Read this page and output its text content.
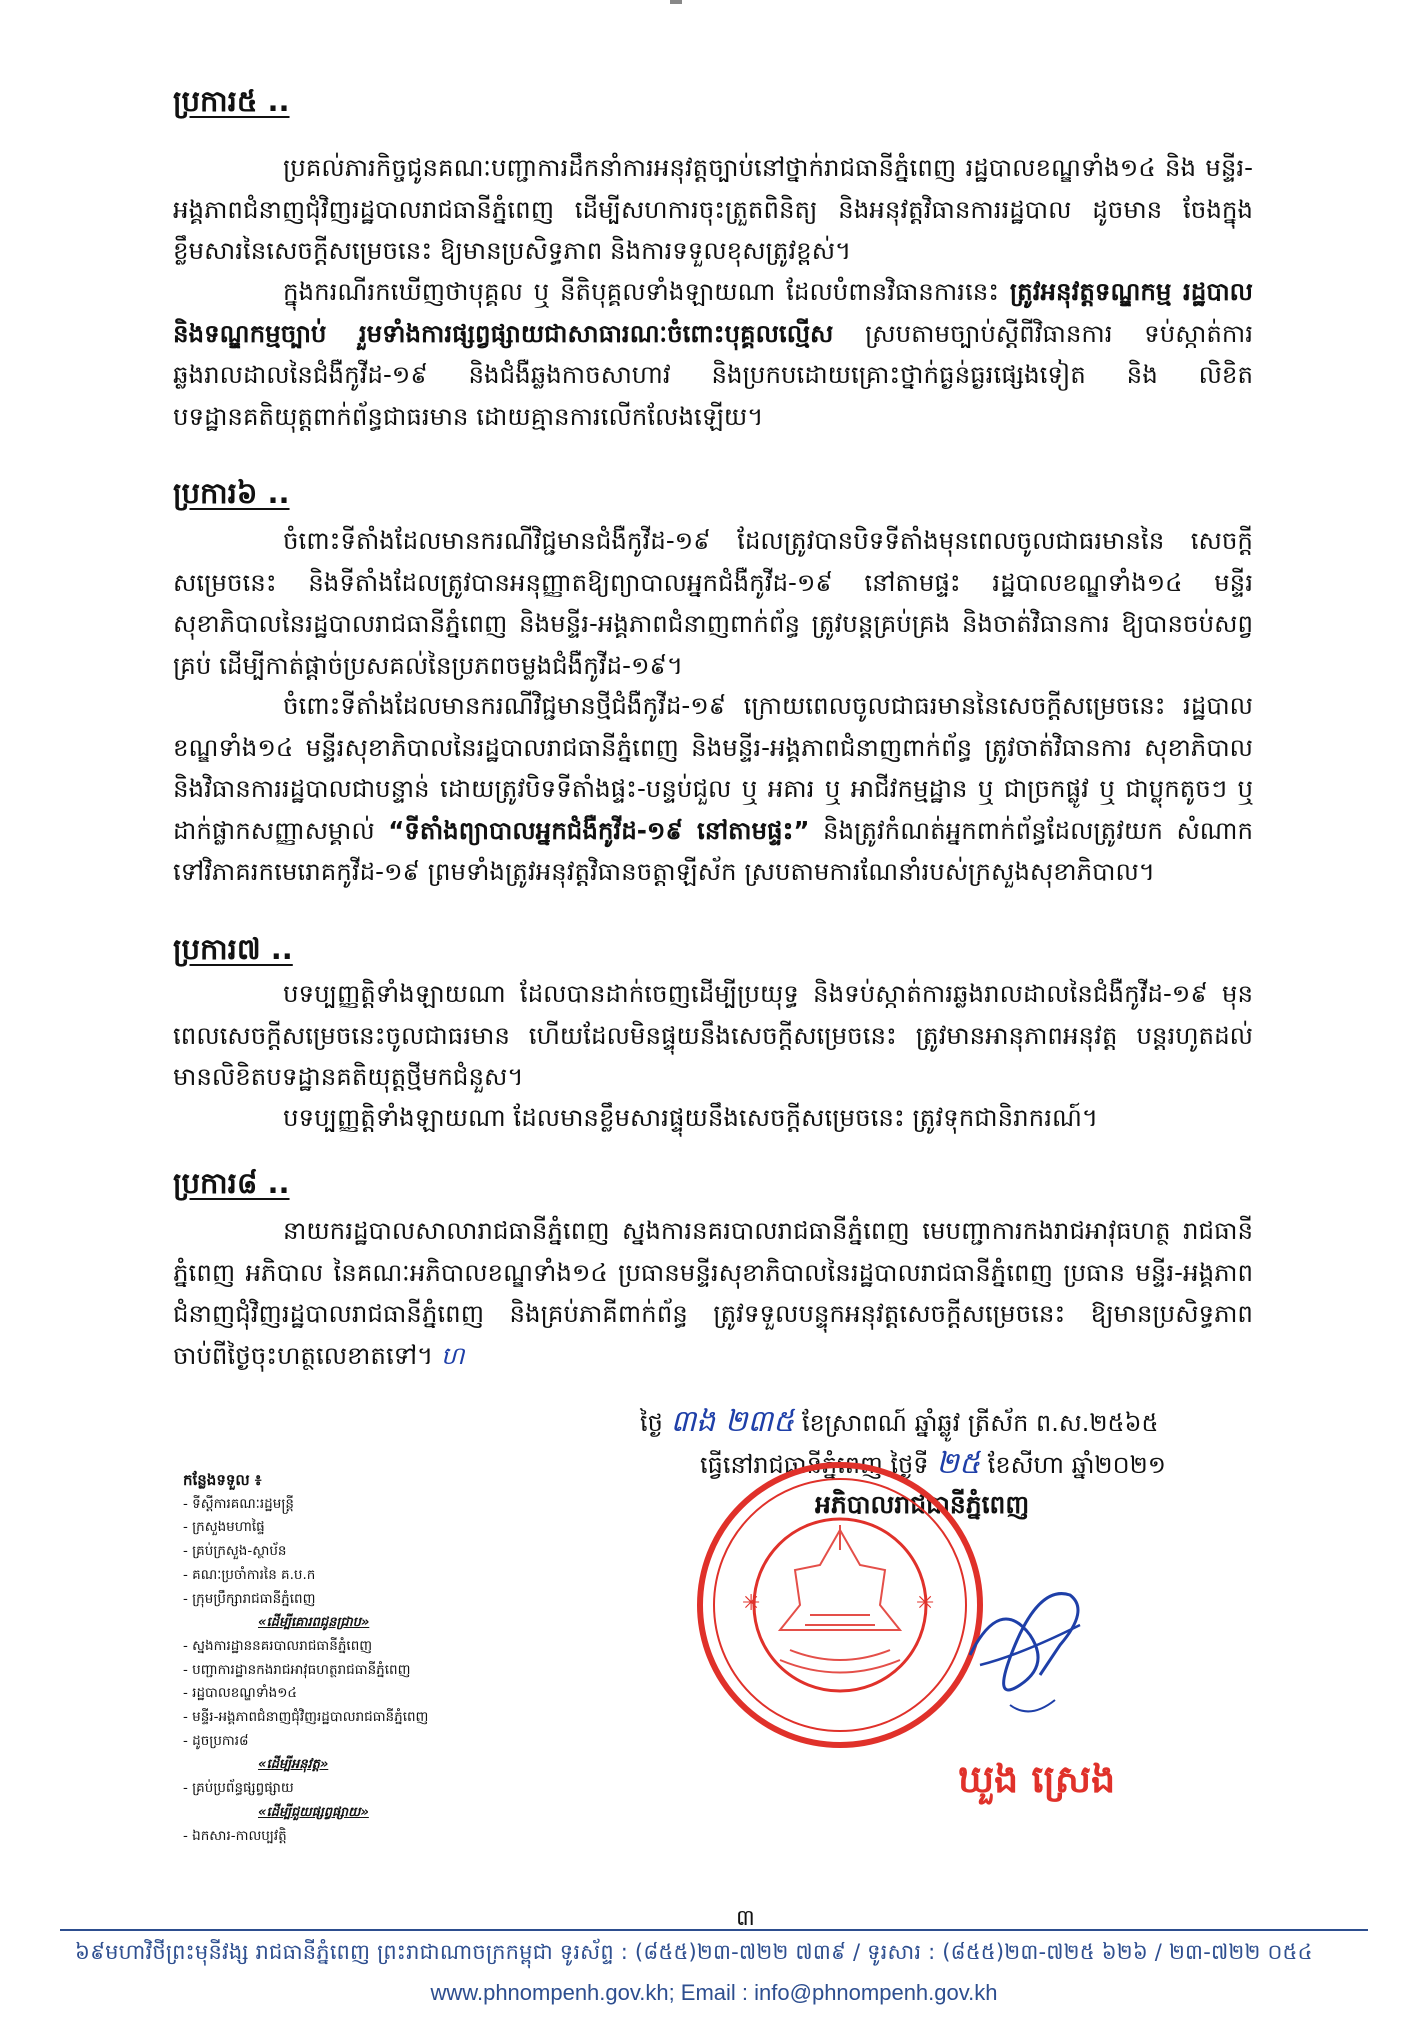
ប្រការ៥ ..

ប្រគល់ភារកិច្ចជូនគណៈបញ្ជាការដឹកនាំការអនុវត្តច្បាប់នៅថ្នាក់រាជធានីភ្នំពេញ រដ្ឋបាលខណ្ឌទាំង១៤ និង មន្ទីរ-អង្គភាពជំនាញជុំវិញរដ្ឋបាលរាជធានីភ្នំពេញ ដើម្បីសហការចុះត្រួតពិនិត្យ និងអនុវត្តវិធានការរដ្ឋបាល ដូចមាន ចែងក្នុងខ្លឹមសារនៃសេចក្តីសម្រេចនេះ ឱ្យមានប្រសិទ្ធភាព និងការទទួលខុសត្រូវខ្ពស់។

ក្នុងករណីរកឃើញថាបុគ្គល ឬ នីតិបុគ្គលទាំងឡាយណា ដែលបំពានវិធានការនេះ ត្រូវអនុវត្តទណ្ឌកម្ម រដ្ឋបាល និងទណ្ឌកម្មច្បាប់ រួមទាំងការផ្សព្វផ្សាយជាសាធារណៈចំពោះបុគ្គលល្មើស ស្របតាមច្បាប់ស្តីពីវិធានការ ទប់ស្កាត់ការឆ្លងរាលដាលនៃជំងឺកូវីដ-១៩ និងជំងឺឆ្លងកាចសាហាវ និងប្រកបដោយគ្រោះថ្នាក់ធ្ងន់ធ្ងរផ្សេងទៀត និង លិខិតបទដ្ឋានគតិយុត្តពាក់ព័ន្ធជាធរមាន ដោយគ្មានការលើកលែងឡើយ។

ប្រការ៦ ..

ចំពោះទីតាំងដែលមានករណីវិជ្ជមានជំងឺកូវីដ-១៩ ដែលត្រូវបានបិទទីតាំងមុនពេលចូលជាធរមាននៃ សេចក្តីសម្រេចនេះ និងទីតាំងដែលត្រូវបានអនុញ្ញាតឱ្យព្យាបាលអ្នកជំងឺកូវីដ-១៩ នៅតាមផ្ទះ រដ្ឋបាលខណ្ឌទាំង១៤ មន្ទីរសុខាភិបាលនៃរដ្ឋបាលរាជធានីភ្នំពេញ និងមន្ទីរ-អង្គភាពជំនាញពាក់ព័ន្ធ ត្រូវបន្តគ្រប់គ្រង និងចាត់វិធានការ ឱ្យបានចប់សព្វគ្រប់ ដើម្បីកាត់ផ្តាច់ប្រសគល់នៃប្រភពចម្លងជំងឺកូវីដ-១៩។

ចំពោះទីតាំងដែលមានករណីវិជ្ជមានថ្មីជំងឺកូវីដ-១៩ ក្រោយពេលចូលជាធរមាននៃសេចក្តីសម្រេចនេះ រដ្ឋបាលខណ្ឌទាំង១៤ មន្ទីរសុខាភិបាលនៃរដ្ឋបាលរាជធានីភ្នំពេញ និងមន្ទីរ-អង្គភាពជំនាញពាក់ព័ន្ធ ត្រូវចាត់វិធានការ សុខាភិបាល និងវិធានការរដ្ឋបាលជាបន្ទាន់ ដោយត្រូវបិទទីតាំងផ្ទះ-បន្ទប់ជួល ឬ អគារ ឬ អាជីវកម្មដ្ឋាន ឬ ជាច្រកផ្លូវ ឬ ជាប្លុកតូចៗ ឬ ដាក់ផ្លាកសញ្ញាសម្គាល់ “ទីតាំងព្យាបាលអ្នកជំងឺកូវីដ-១៩ នៅតាមផ្ទះ” និងត្រូវកំណត់អ្នកពាក់ព័ន្ធដែលត្រូវយក សំណាកទៅវិភាគរកមេរោគកូវីដ-១៩ ព្រមទាំងត្រូវអនុវត្តវិធានចត្តាឡីស័ក ស្របតាមការណែនាំរបស់ក្រសួងសុខាភិបាល។

ប្រការ៧ ..

បទប្បញ្ញត្តិទាំងឡាយណា ដែលបានដាក់ចេញដើម្បីប្រយុទ្ធ និងទប់ស្កាត់ការឆ្លងរាលដាលនៃជំងឺកូវីដ-១៩ មុនពេលសេចក្តីសម្រេចនេះចូលជាធរមាន ហើយដែលមិនផ្ទុយនឹងសេចក្តីសម្រេចនេះ ត្រូវមានអានុភាពអនុវត្ត បន្តរហូតដល់មានលិខិតបទដ្ឋានគតិយុត្តថ្មីមកជំនួស។

បទប្បញ្ញត្តិទាំងឡាយណា ដែលមានខ្លឹមសារផ្ទុយនឹងសេចក្តីសម្រេចនេះ ត្រូវទុកជានិរាករណ៍។

ប្រការ៨ ..

នាយករដ្ឋបាលសាលារាជធានីភ្នំពេញ ស្នងការនគរបាលរាជធានីភ្នំពេញ មេបញ្ជាការកងរាជអាវុធហត្ថ រាជធានីភ្នំពេញ អភិបាល នៃគណៈអភិបាលខណ្ឌទាំង១៤ ប្រធានមន្ទីរសុខាភិបាលនៃរដ្ឋបាលរាជធានីភ្នំពេញ ប្រធាន មន្ទីរ-អង្គភាពជំនាញជុំវិញរដ្ឋបាលរាជធានីភ្នំពេញ និងគ្រប់ភាគីពាក់ព័ន្ធ ត្រូវទទួលបន្ទុកអនុវត្តសេចក្តីសម្រេចនេះ ឱ្យមានប្រសិទ្ធភាពចាប់ពីថ្ងៃចុះហត្ថលេខាតទៅ។ ហ

ថ្ងៃ ៣ង ២៣៥ ខែស្រាពណ៍ ឆ្នាំឆ្លូវ ត្រីស័ក ព.ស.២៥៦៥
ធ្វើនៅរាជធានីភ្នំពេញ ថ្ងៃទី ២៥ ខែសីហា ឆ្នាំ២០២១
អភិបាលរាជធានីភ្នំពេញ
✳	✳
ឃួង ស្រេង
កន្លែងទទួល ៖
- ទីស្តីការគណៈរដ្ឋមន្ត្រី
- ក្រសួងមហាផ្ទៃ
- គ្រប់ក្រសួង-ស្ថាប័ន
- គណៈប្រចាំការនៃ គ.ប.ក
- ក្រុមប្រឹក្សារាជធានីភ្នំពេញ
«ដើម្បីគោរពជូនជ្រាប»
- ស្នងការដ្ឋាននគរបាលរាជធានីភ្នំពេញ
- បញ្ជាការដ្ឋានកងរាជអាវុធហត្ថរាជធានីភ្នំពេញ
- រដ្ឋបាលខណ្ឌទាំង១៤
- មន្ទីរ-អង្គភាពជំនាញជុំវិញរដ្ឋបាលរាជធានីភ្នំពេញ
- ដូចប្រការ៨
«ដើម្បីអនុវត្ត»
- គ្រប់ប្រព័ន្ធផ្សព្វផ្សាយ
«ដើម្បីជួយផ្សព្វផ្សាយ»
- ឯកសារ-កាលប្បវត្តិ
៣
៦៩មហាវិថីព្រះមុនីវង្ស រាជធានីភ្នំពេញ ព្រះរាជាណាចក្រកម្ពុជា ទូរស័ព្ទ : (៨៥៥)២៣-៧២២ ៧៣៩ / ទូរសារ : (៨៥៥)២៣-៧២៥ ៦២៦ / ២៣-៧២២ ០៥៤
www.phnompenh.gov.kh; Email : info@phnompenh.gov.kh
